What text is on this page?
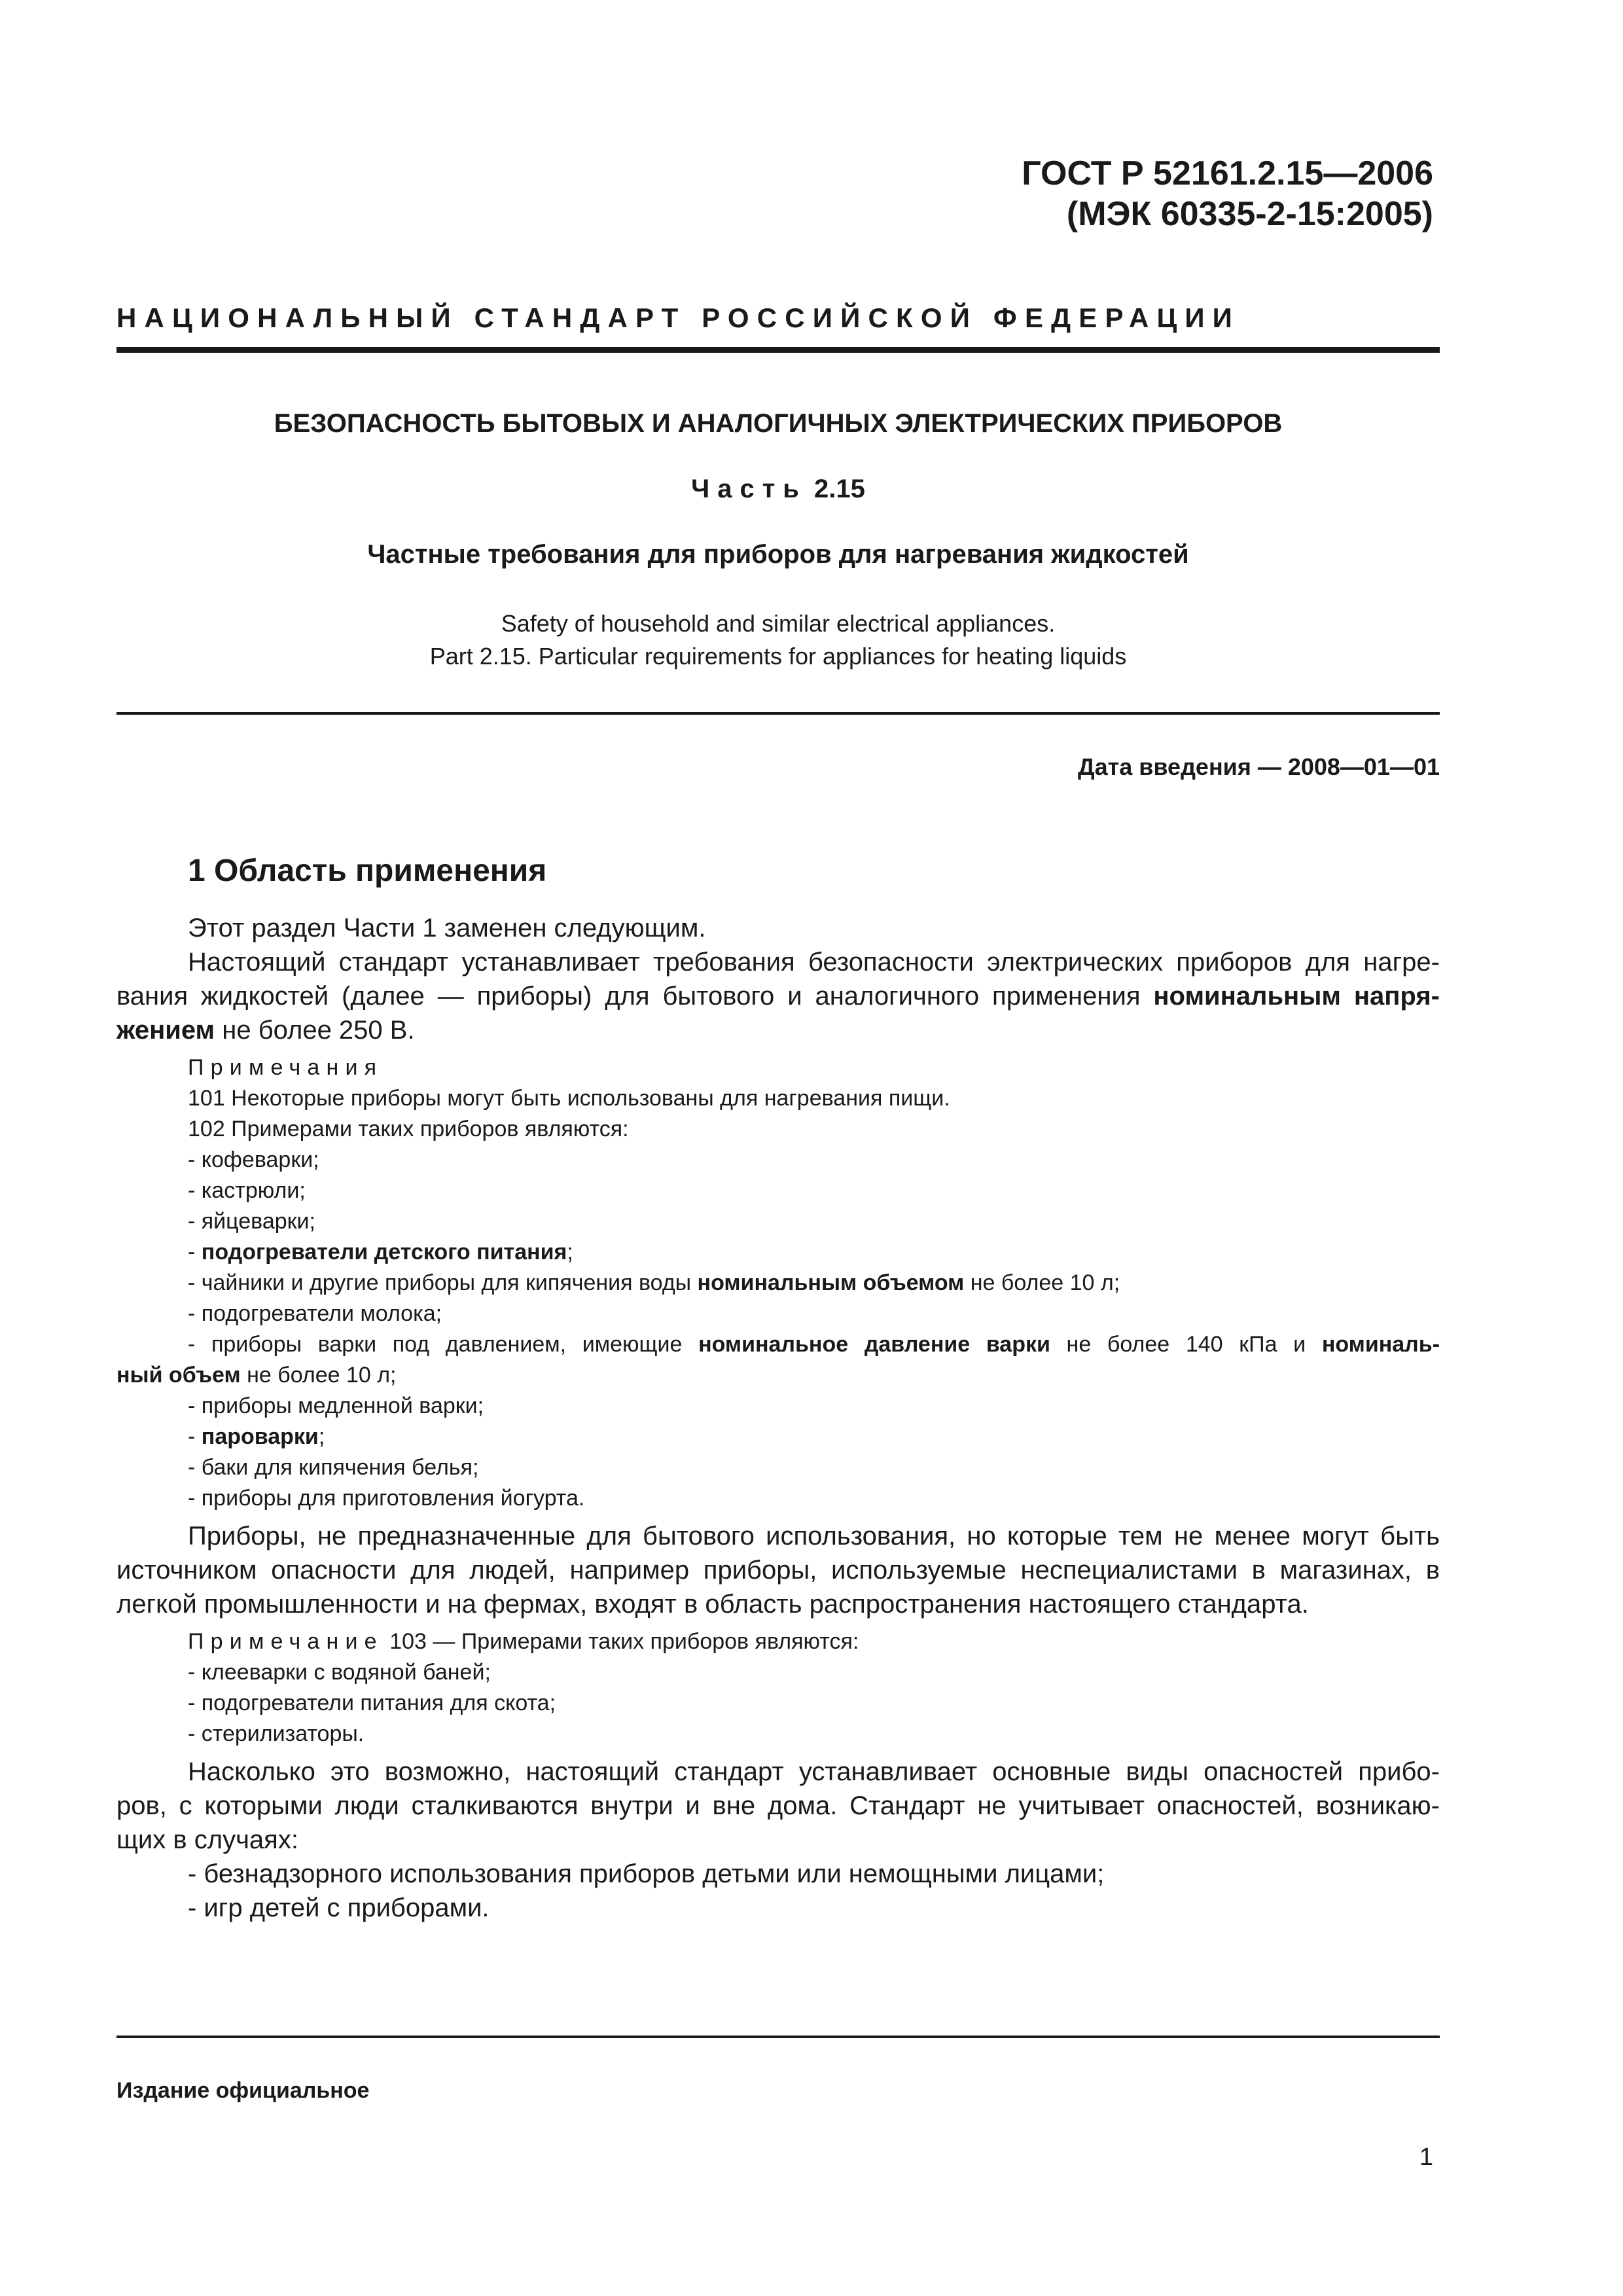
ГОСТ Р 52161.2.15—2006
(МЭК 60335-2-15:2005)
НАЦИОНАЛЬНЫЙ СТАНДАРТ РОССИЙСКОЙ ФЕДЕРАЦИИ
БЕЗОПАСНОСТЬ БЫТОВЫХ И АНАЛОГИЧНЫХ ЭЛЕКТРИЧЕСКИХ ПРИБОРОВ
Часть 2.15
Частные требования для приборов для нагревания жидкостей
Safety of household and similar electrical appliances.
Part 2.15. Particular requirements for appliances for heating liquids
Дата введения — 2008—01—01
1 Область применения

Этот раздел Части 1 заменен следующим.

Настоящий стандарт устанавливает требования безопасности электрических приборов для нагре-

вания жидкостей (далее — приборы) для бытового и аналогичного применения номинальным напря-

жением не более 250 В.

Примечания
101 Некоторые приборы могут быть использованы для нагревания пищи.
102 Примерами таких приборов являются:
- кофеварки;
- кастрюли;
- яйцеварки;
- подогреватели детского питания;
- чайники и другие приборы для кипячения воды номинальным объемом не более 10 л;
- подогреватели молока;
- приборы варки под давлением, имеющие номинальное давление варки не более 140 кПа и номиналь-
ный объем не более 10 л;
- приборы медленной варки;
- пароварки;
- баки для кипячения белья;
- приборы для приготовления йогурта.

Приборы, не предназначенные для бытового использования, но которые тем не менее могут быть

источником опасности для людей, например приборы, используемые неспециалистами в магазинах, в

легкой промышленности и на фермах, входят в область распространения настоящего стандарта.

Примечание 103 — Примерами таких приборов являются:
- клееварки с водяной баней;
- подогреватели питания для скота;
- стерилизаторы.

Насколько это возможно, настоящий стандарт устанавливает основные виды опасностей прибо-

ров, с которыми люди сталкиваются внутри и вне дома. Стандарт не учитывает опасностей, возникаю-

щих в случаях:

- безнадзорного использования приборов детьми или немощными лицами;

- игр детей с приборами.

Издание официальное
1
